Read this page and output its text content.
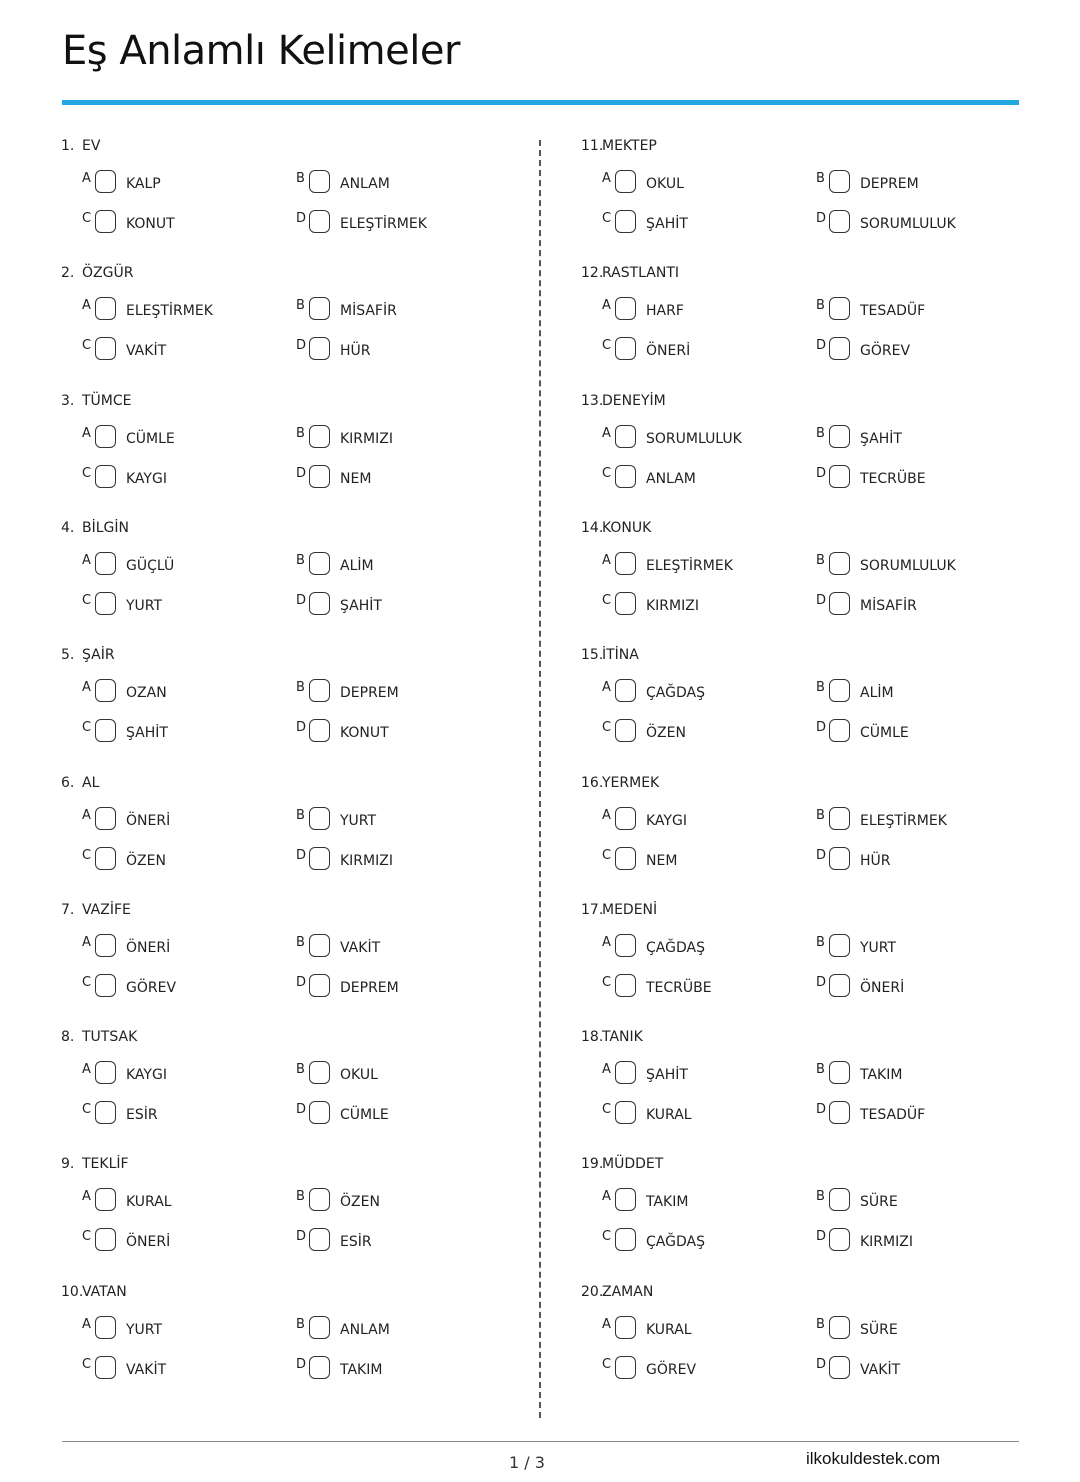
Eş Anlamlı Kelimeler
1. EV
A	KALP	B	ANLAM
C KONUT	D ELEŞTİRMEK
2. ÖZGÜR
A	ELEŞTİRMEK	B	MİSAFİR
C VAKİT	D HÜR
3. TÜMCE
A	CÜMLE	B	KIRMIZI
C KAYGI	D NEM
4. BİLGİN
A	GÜÇLÜ	B	ALİM
C YURT	D ŞAHİT
5. ŞAİR
A	OZAN	B	DEPREM
C ŞAHİT	D KONUT
6. AL
A	ÖNERİ	B	YURT
C ÖZEN	D KIRMIZI
7. VAZİFE
A	ÖNERİ	B	VAKİT
C GÖREV	D DEPREM
8. TUTSAK
A	KAYGI	B	OKUL
C ESİR	D CÜMLE
9. TEKLİF
A	KURAL	B	ÖZEN
C ÖNERİ	D ESİR
10.VATAN
A	YURT	B	ANLAM
C VAKİT	D TAKIM
11.MEKTEP
A	OKUL	B	DEPREM
C ŞAHİT	D SORUMLULUK
12.RASTLANTI
A	HARF	B	TESADÜF
C ÖNERİ	D GÖREV
13.DENEYİM
A	SORUMLULUK	B	ŞAHİT
C ANLAM	D TECRÜBE
14.KONUK
A	ELEŞTİRMEK	B	SORUMLULUK
C KIRMIZI	D MİSAFİR
15.İTİNA
A	ÇAĞDAŞ	B	ALİM
C ÖZEN	D CÜMLE
16.YERMEK
A	KAYGI	B	ELEŞTİRMEK
C NEM	D HÜR
17.MEDENİ
A	ÇAĞDAŞ	B	YURT
C TECRÜBE	D ÖNERİ
18.TANIK
A	ŞAHİT	B	TAKIM
C KURAL	D TESADÜF
19.MÜDDET
A	TAKIM	B	SÜRE
C ÇAĞDAŞ	D KIRMIZI
20.ZAMAN
A	KURAL	B	SÜRE
C GÖREV	D VAKİT
1 / 3	ilkokuldestek.com
